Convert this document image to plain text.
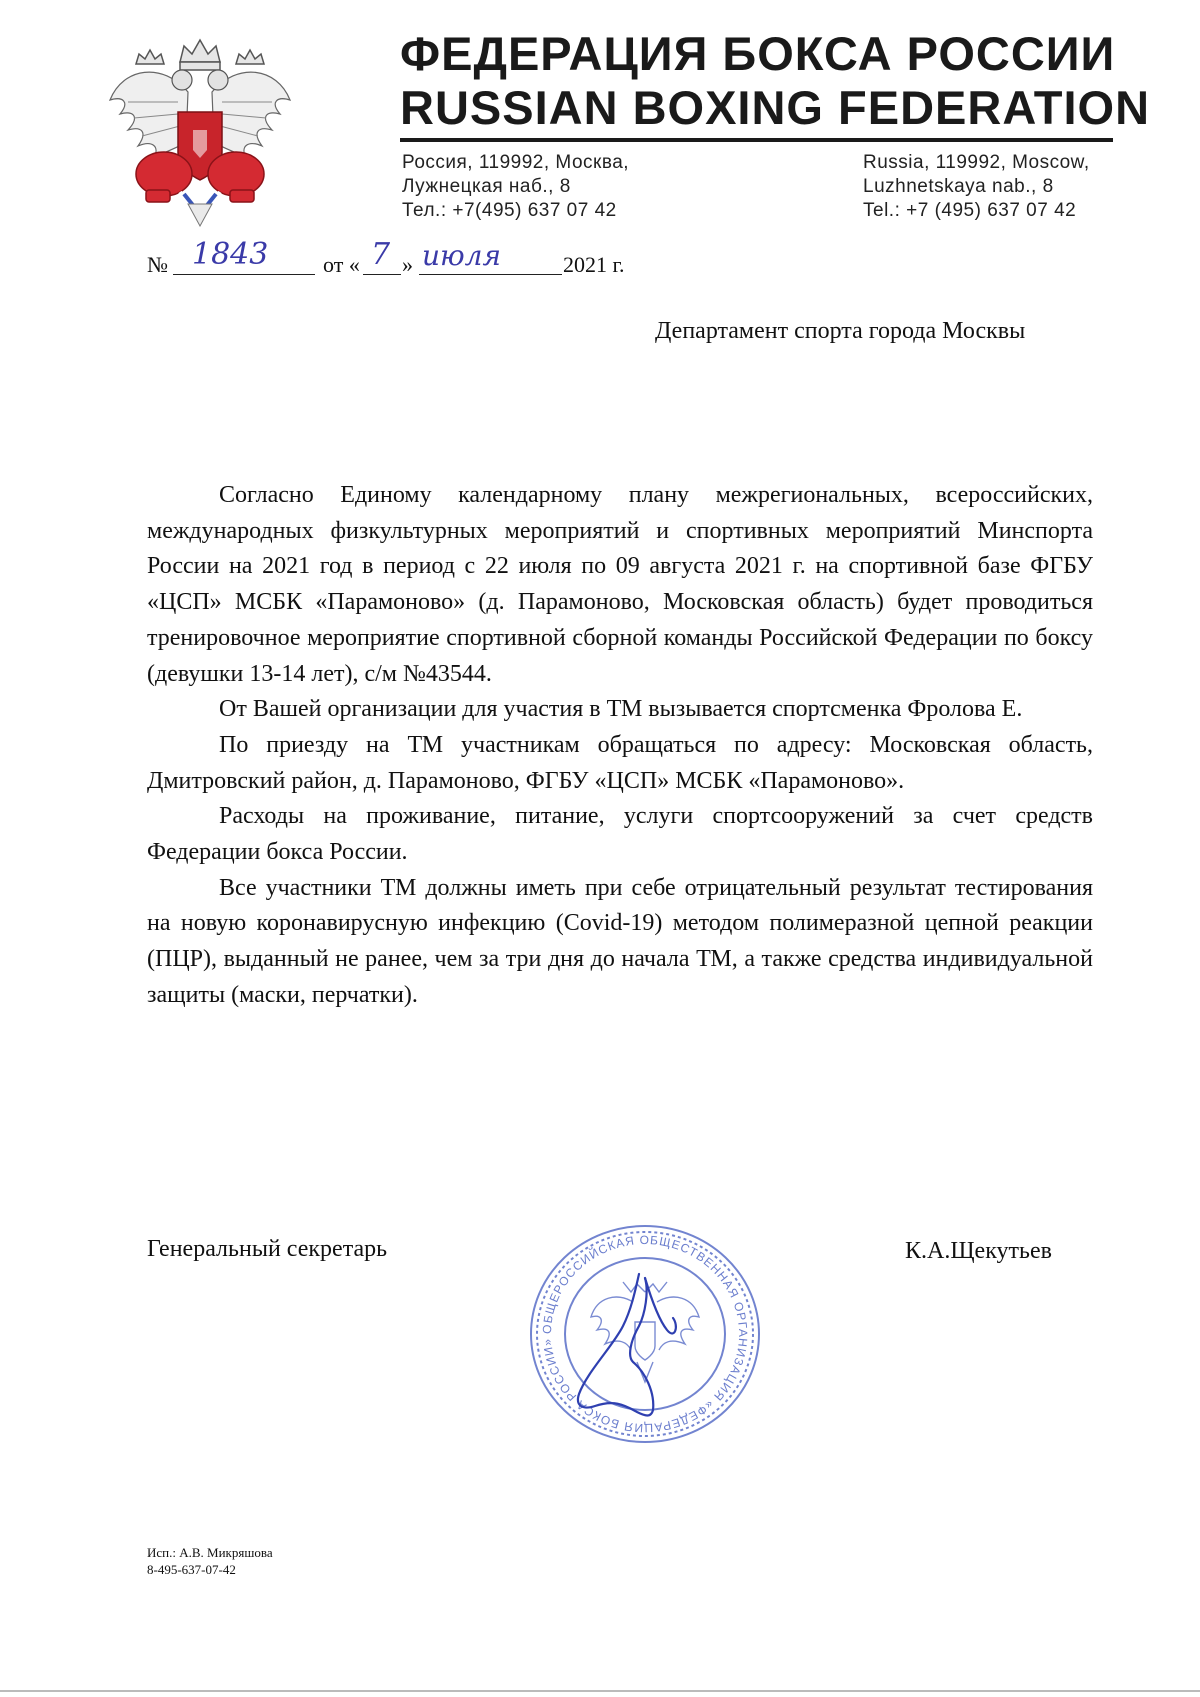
ФЕДЕРАЦИЯ БОКСА РОССИИ
RUSSIAN BOXING FEDERATION
Россия, 119992, Москва,
Лужнецкая наб., 8
Тел.: +7(495) 637 07 42
Russia, 119992, Moscow,
Luzhnetskaya nab., 8
Tel.: +7 (495) 637 07 42
№ 1843 от « 7 » июля	2021 г.
Департамент спорта города Москвы

Согласно Единому календарному плану межрегиональных, всероссийских, международных физкультурных мероприятий и спортивных мероприятий Минспорта России на 2021 год в период с 22 июля по 09 августа 2021 г. на спортивной базе ФГБУ «ЦСП» МСБК «Парамоново» (д. Парамоново, Московская область) будет проводиться тренировочное мероприятие спортивной сборной команды Российской Федерации по боксу (девушки 13-14 лет), с/м №43544.

От Вашей организации для участия в ТМ вызывается спортсменка Фролова Е.

По приезду на ТМ участникам обращаться по адресу: Московская область, Дмитровский район, д. Парамоново, ФГБУ «ЦСП» МСБК «Парамоново».

Расходы на проживание, питание, услуги спортсооружений за счет средств Федерации бокса России.

Все участники ТМ должны иметь при себе отрицательный результат тестирования на новую коронавирусную инфекцию (Covid-19) методом полимеразной цепной реакции (ПЦР), выданный не ранее, чем за три дня до начала ТМ, а также средства индивидуальной защиты (маски, перчатки).

Генеральный секретарь	К.А.Щекутьев
ОБЩЕРОССИЙСКАЯ ОБЩЕСТВЕННАЯ ОРГАНИЗАЦИЯ «ФЕДЕРАЦИЯ БОКСА РОССИИ»
Исп.: А.В. Микряшова
8-495-637-07-42
